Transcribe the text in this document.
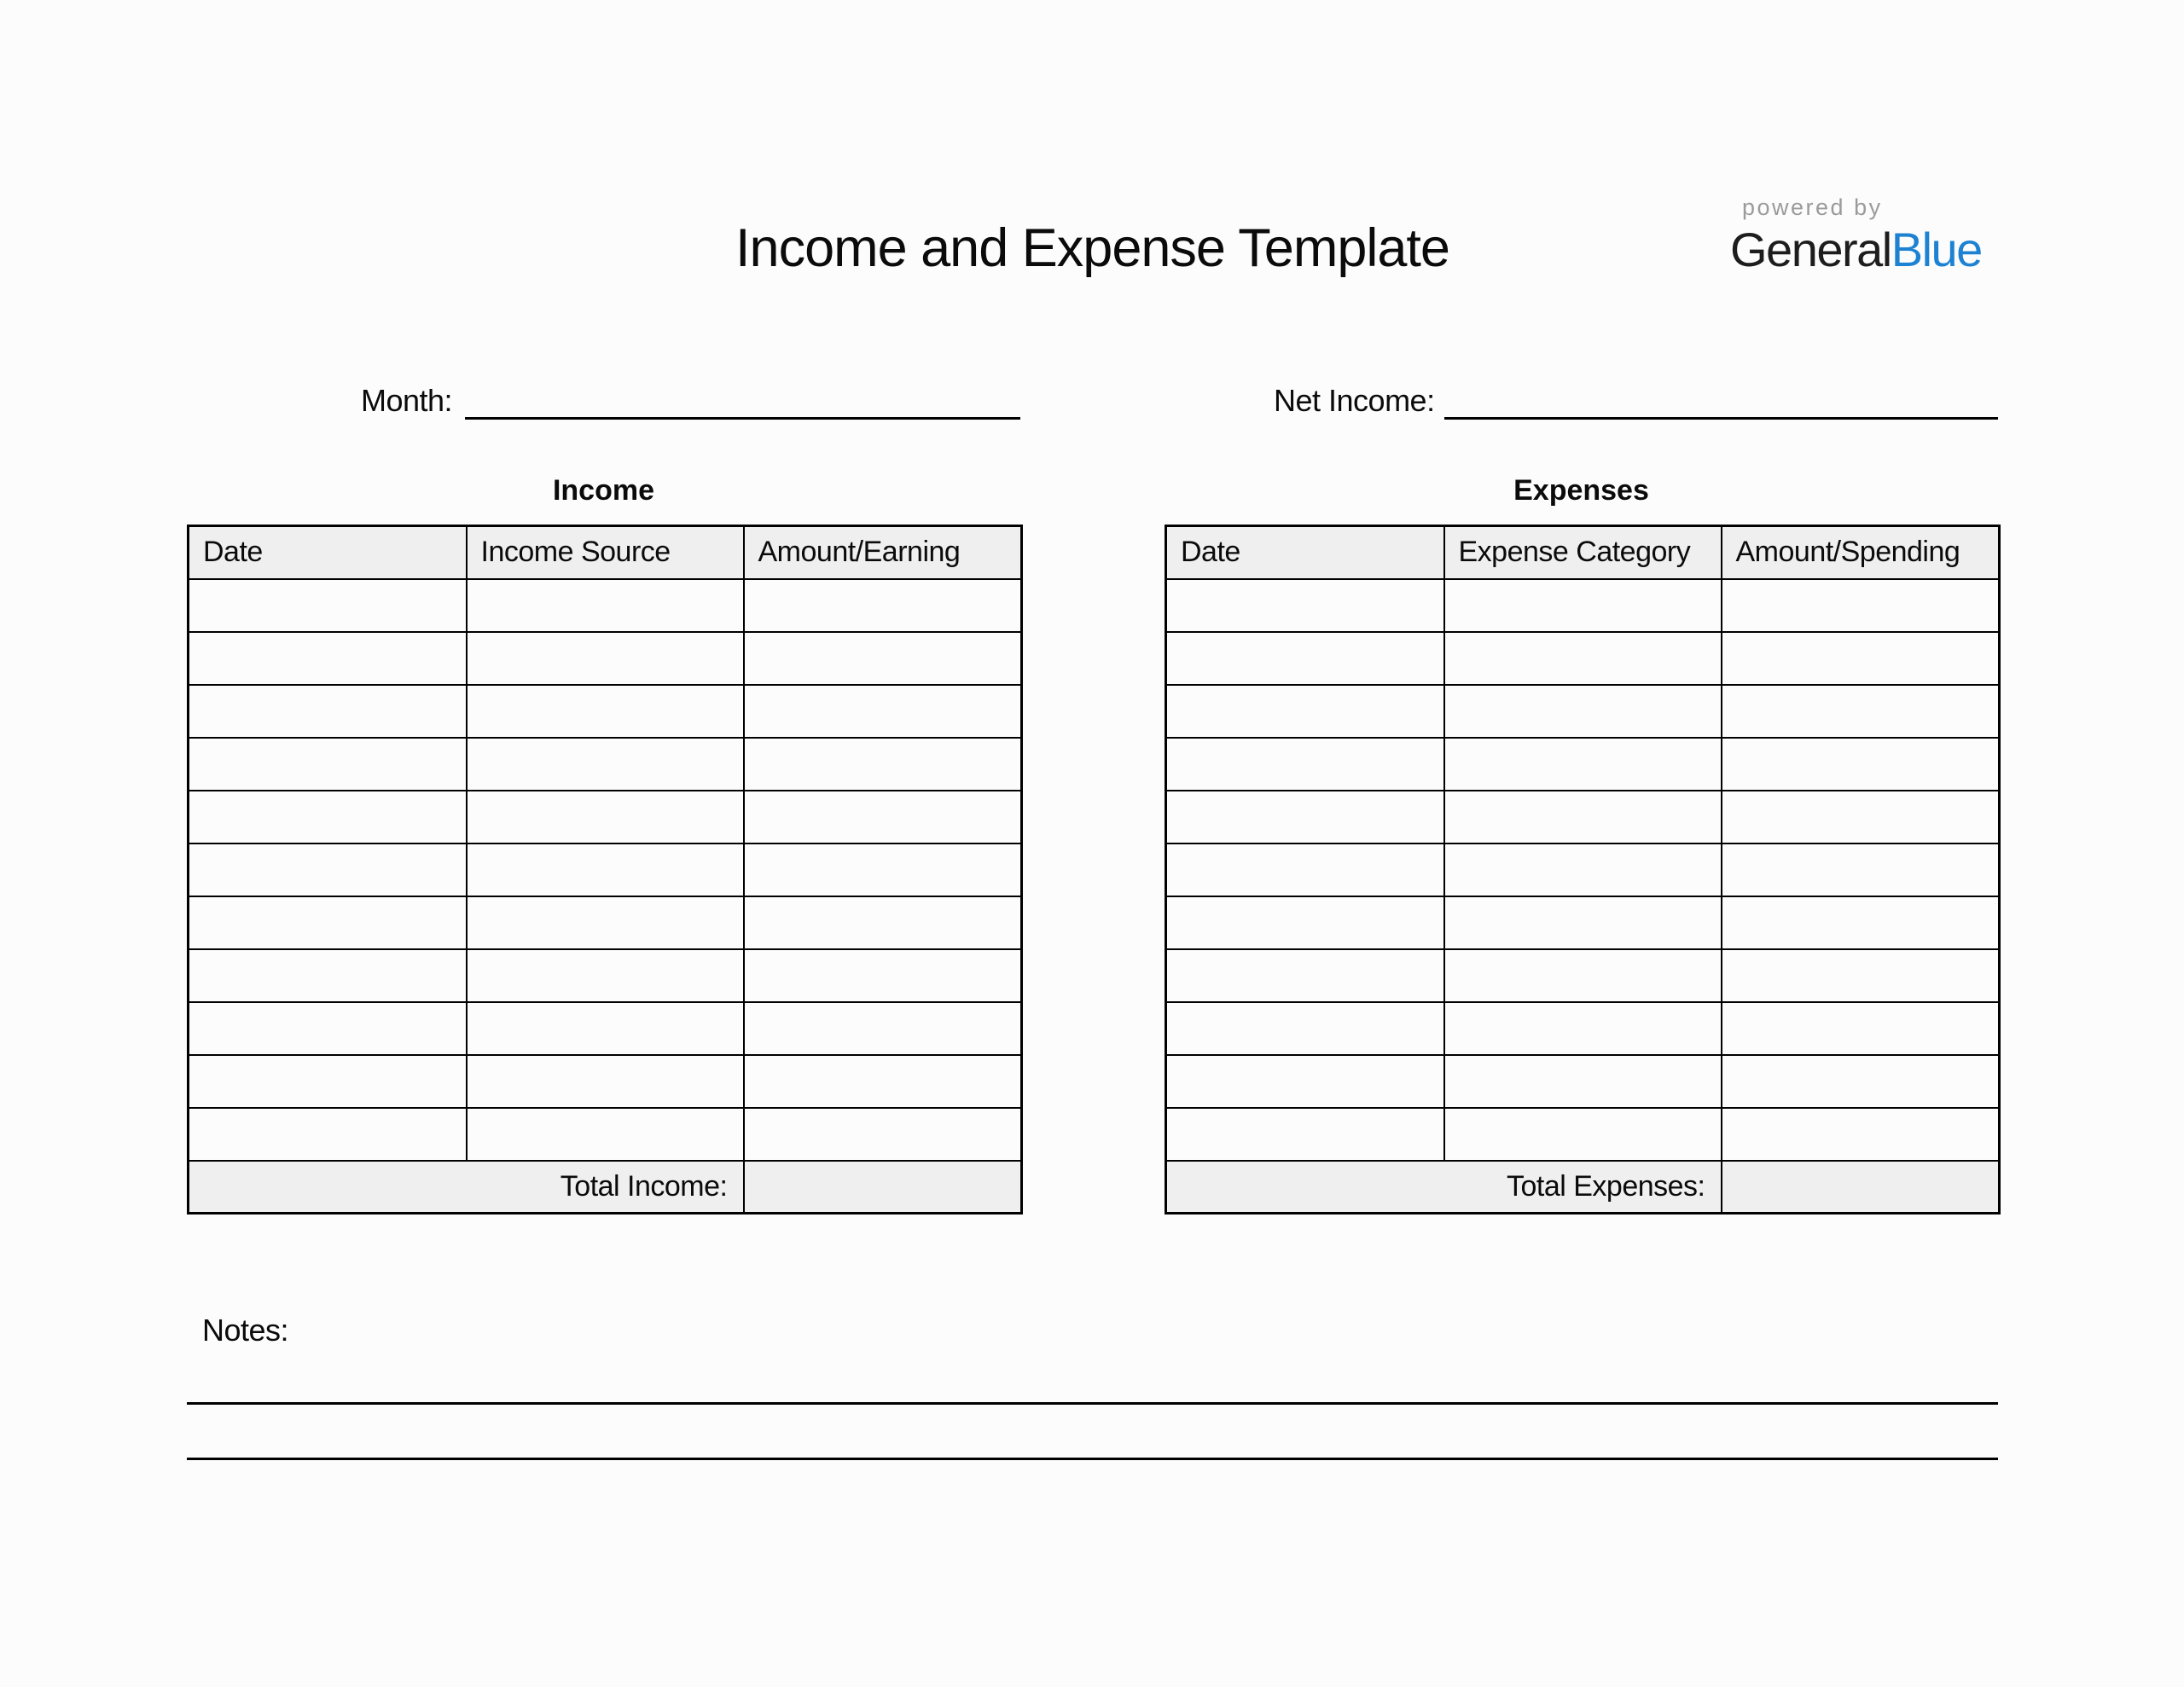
Income and Expense Template
powered by
GeneralBlue
Month:	Net Income:
Income
Date	Income Source	Amount/Earning

Total Income:		
Expenses
Date	Expense Category	Amount/Spending

Total Expenses:		
Notes:
